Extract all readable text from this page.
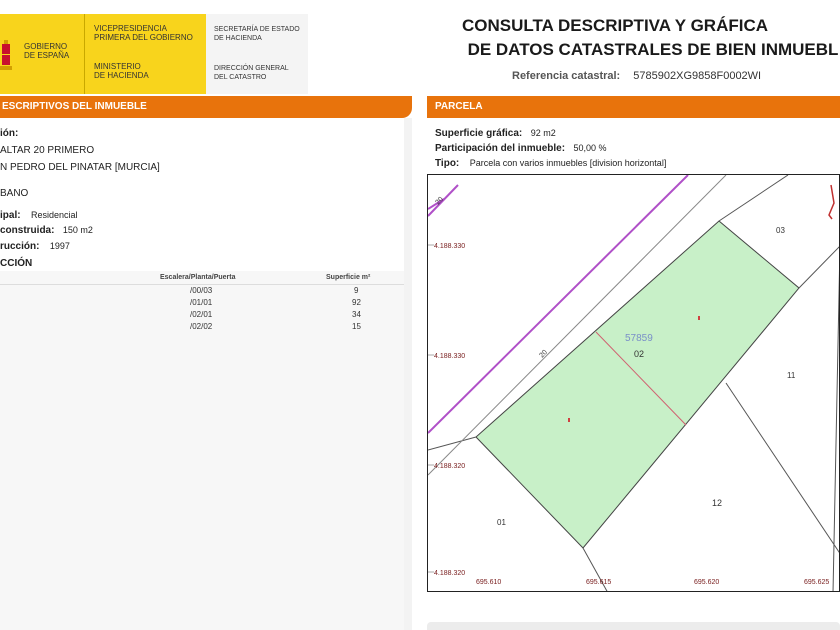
GOBIERNO
DE ESPAÑA
VICEPRESIDENCIA
PRIMERA DEL GOBIERNO
MINISTERIO
DE HACIENDA
SECRETARÍA DE ESTADO
DE HACIENDA
DIRECCIÓN GENERAL
DEL CATASTRO
CONSULTA DESCRIPTIVA Y GRÁFICA
DE DATOS CATASTRALES DE BIEN INMUEBL
Referencia catastral: 5785902XG9858F0002WI
ESCRIPTIVOS DEL INMUEBLE
ión:
ALTAR 20 PRIMERO
N PEDRO DEL PINATAR [MURCIA]
BANO
ipal: Residencial
construida: 150 m2
rucción: 1997
CCIÓN
Escalera/Planta/Puerta	Superficie m²
/00/03	9
/01/01	92
/02/01	34
/02/02	15
PARCELA
Superficie gráfica: 92 m2
Participación del inmueble: 50,00 %
Tipo: Parcela con varios inmuebles [division horizontal]
57859
02
03
11
12
01
20
20
4.188.330
4.188.330
4.188.320
4.188.320
695.610	695.615	695.620	695.625
